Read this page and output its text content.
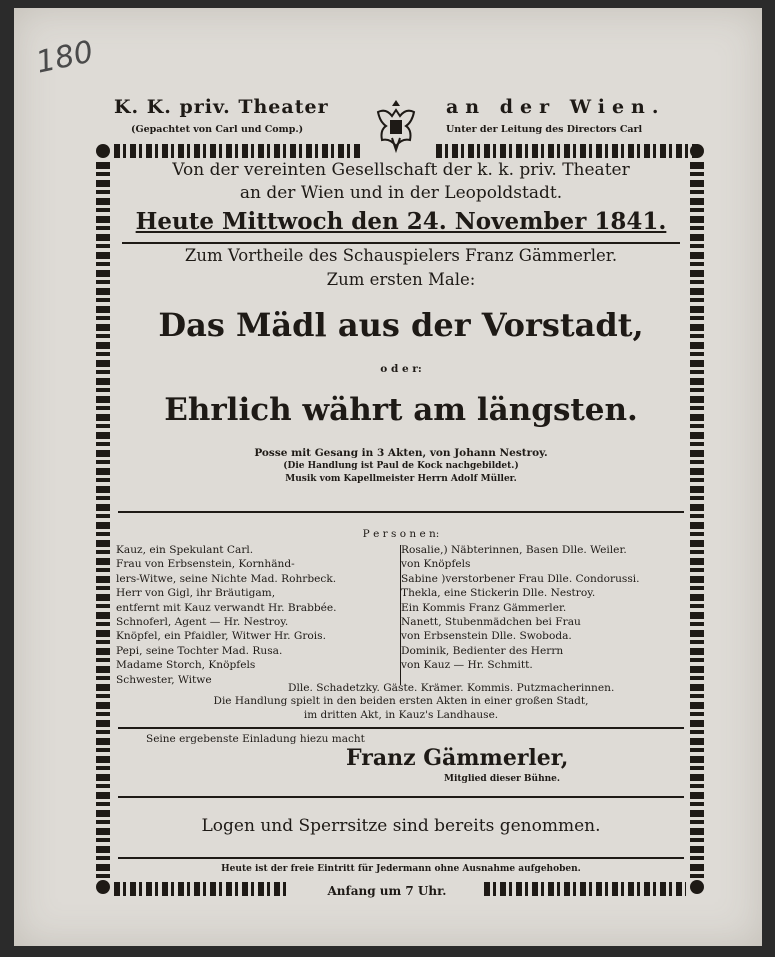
180
K. K. priv. Theater	an der Wien.
(Gepachtet von Carl und Comp.)	Unter der Leitung des Directors Carl
Von der vereinten Gesellschaft der k. k. priv. Theater
an der Wien und in der Leopoldstadt.
Heute Mittwoch den 24. November 1841.
Zum Vortheile des Schauspielers Franz Gämmerler.
Zum ersten Male:
Das Mädl aus der Vorstadt,
o d e r:
Ehrlich währt am längsten.
Posse mit Gesang in 3 Akten, von Johann Nestroy.
(Die Handlung ist Paul de Kock nachgebildet.)
Musik vom Kapellmeister Herrn Adolf Müller.
P e r s o n e n:
Kauz, ein Spekulant Carl.
Frau von Erbsenstein, Kornhänd-
lers-Witwe, seine Nichte Mad. Rohrbeck.
Herr von Gigl, ihr Bräutigam,
entfernt mit Kauz verwandt Hr. Brabbée.
Schnoferl, Agent — Hr. Nestroy.
Knöpfel, ein Pfaidler, Witwer Hr. Grois.
Pepi, seine Tochter Mad. Rusa.
Madame Storch, Knöpfels
Schwester, Witwe
Rosalie,) Näbterinnen, Basen Dlle. Weiler.
von Knöpfels
Sabine )verstorbener Frau Dlle. Condorussi.
Thekla, eine Stickerin Dlle. Nestroy.
Ein Kommis Franz Gämmerler.
Nanett, Stubenmädchen bei Frau
von Erbsenstein Dlle. Swoboda.
Dominik, Bedienter des Herrn
von Kauz — Hr. Schmitt.
Dlle. Schadetzky. Gäste. Krämer. Kommis. Putzmacherinnen.
Die Handlung spielt in den beiden ersten Akten in einer großen Stadt,
im dritten Akt, in Kauz's Landhause.
Seine ergebenste Einladung hiezu macht
Franz Gämmerler,
Mitglied dieser Bühne.
Logen und Sperrsitze sind bereits genommen.
Heute ist der freie Eintritt für Jedermann ohne Ausnahme aufgehoben.
Anfang um 7 Uhr.
